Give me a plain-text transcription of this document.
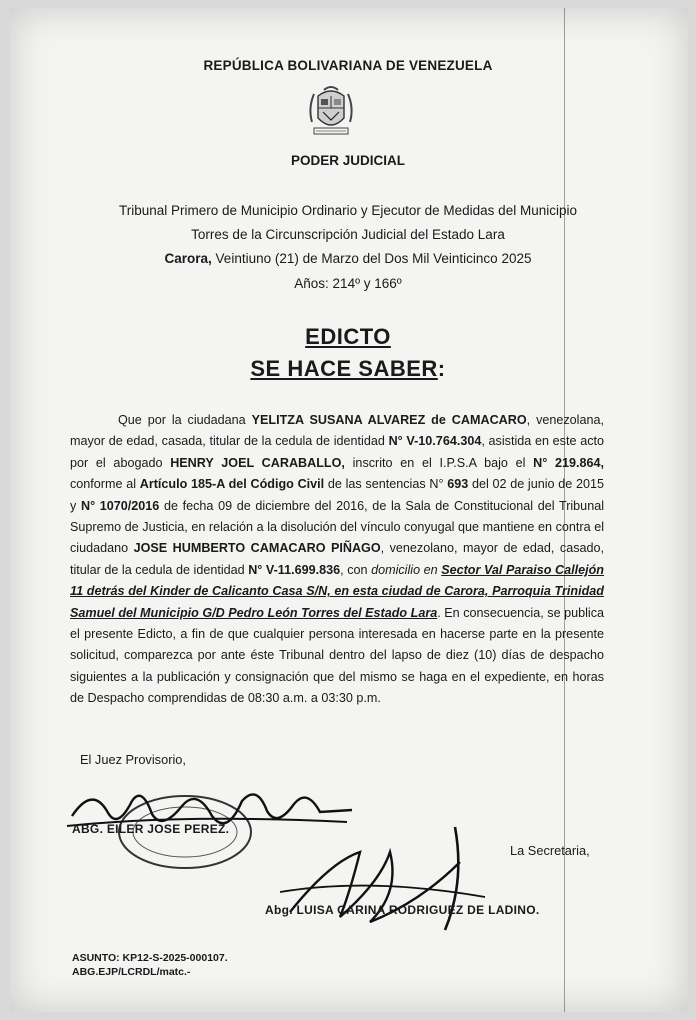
REPÚBLICA BOLIVARIANA DE VENEZUELA
PODER JUDICIAL
Tribunal Primero de Municipio Ordinario y Ejecutor de Medidas del Municipio
Torres de la Circunscripción Judicial del Estado Lara
Carora, Veintiuno (21) de Marzo del Dos Mil Veinticinco 2025
Años: 214º y 166º
EDICTO
SE HACE SABER:
Que por la ciudadana YELITZA SUSANA ALVAREZ de CAMACARO, venezolana, mayor de edad, casada, titular de la cedula de identidad N° V-10.764.304, asistida en este acto por el abogado HENRY JOEL CARABALLO, inscrito en el I.P.S.A bajo el N° 219.864, conforme al Artículo 185-A del Código Civil de las sentencias N° 693 del 02 de junio de 2015 y N° 1070/2016 de fecha 09 de diciembre del 2016, de la Sala de Constitucional del Tribunal Supremo de Justicia, en relación a la disolución del vínculo conyugal que mantiene en contra el ciudadano JOSE HUMBERTO CAMACARO PIÑAGO, venezolano, mayor de edad, casado, titular de la cedula de identidad N° V-11.699.836, con domicilio en Sector Val Paraiso Callejón 11 detrás del Kinder de Calicanto Casa S/N, en esta ciudad de Carora, Parroquia Trinidad Samuel del Municipio G/D Pedro León Torres del Estado Lara. En consecuencia, se publica el presente Edicto, a fin de que cualquier persona interesada en hacerse parte en la presente solicitud, comparezca por ante éste Tribunal dentro del lapso de diez (10) días de despacho siguientes a la publicación y consignación que del mismo se haga en el expediente, en horas de Despacho comprendidas de 08:30 a.m. a 03:30 p.m.
El Juez Provisorio,
ABG. EILER JOSE PEREZ.
La Secretaria,
Abg. LUISA CARINA RODRIGUEZ DE LADINO.
ASUNTO: KP12-S-2025-000107.
ABG.EJP/LCRDL/matc.-
